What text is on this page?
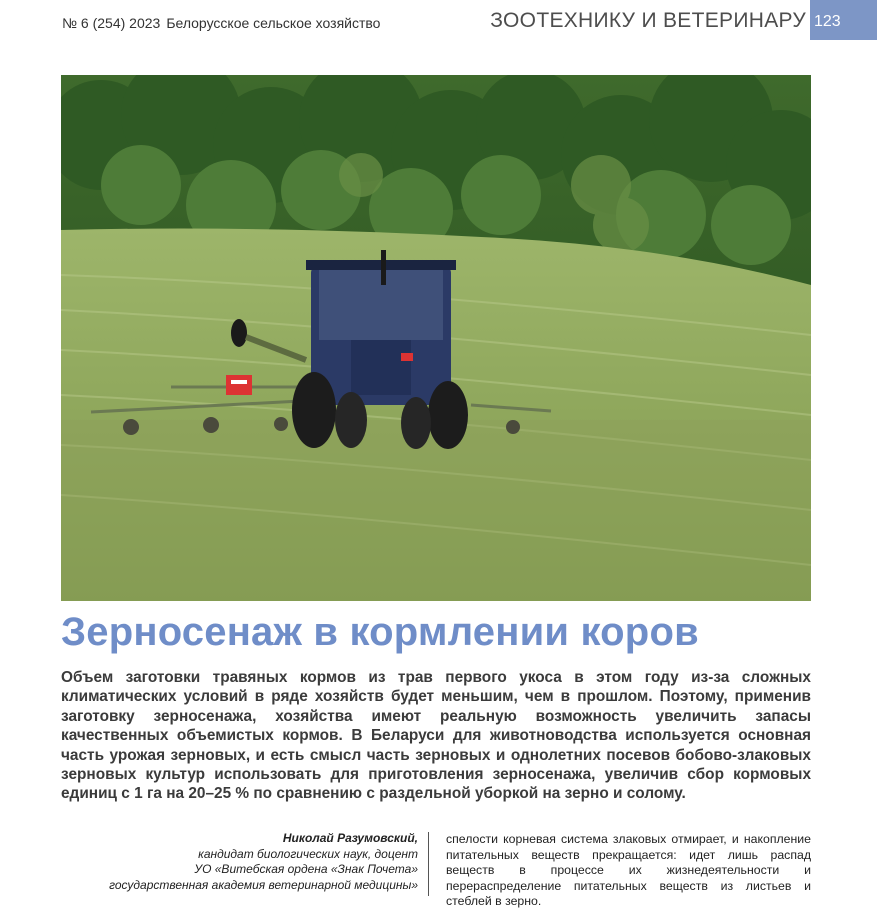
№ 6 (254) 2023 Белорусское сельское хозяйство	ЗООТЕХНИКУ И ВЕТЕРИНАРУ 123
Зерносенаж в кормлении коров
Объем заготовки травяных кормов из трав первого укоса в этом году из-за сложных климатических условий в ряде хозяйств будет меньшим, чем в прошлом. Поэтому, применив заготовку зерносенажа, хозяйства имеют реальную возможность увеличить запасы качественных объемистых кормов. В Беларуси для животноводства используется основная часть урожая зерновых, и есть смысл часть зерновых и однолетних посевов бобово-злаковых зерновых культур использовать для приготовления зерносенажа, увеличив сбор кормовых единиц с 1 га на 20–25 % по сравнению с раздельной уборкой на зерно и солому.
Николай Разумовский,
кандидат биологических наук, доцент
УО «Витебская ордена «Знак Почета»
государственная академия ветеринарной медицины»
спелости корневая система злаковых отмирает, и накопление питательных веществ прекращается: идет лишь распад веществ в процессе их жизнедеятельности и перераспределение питательных веществ из листьев и стеблей в зерно.
